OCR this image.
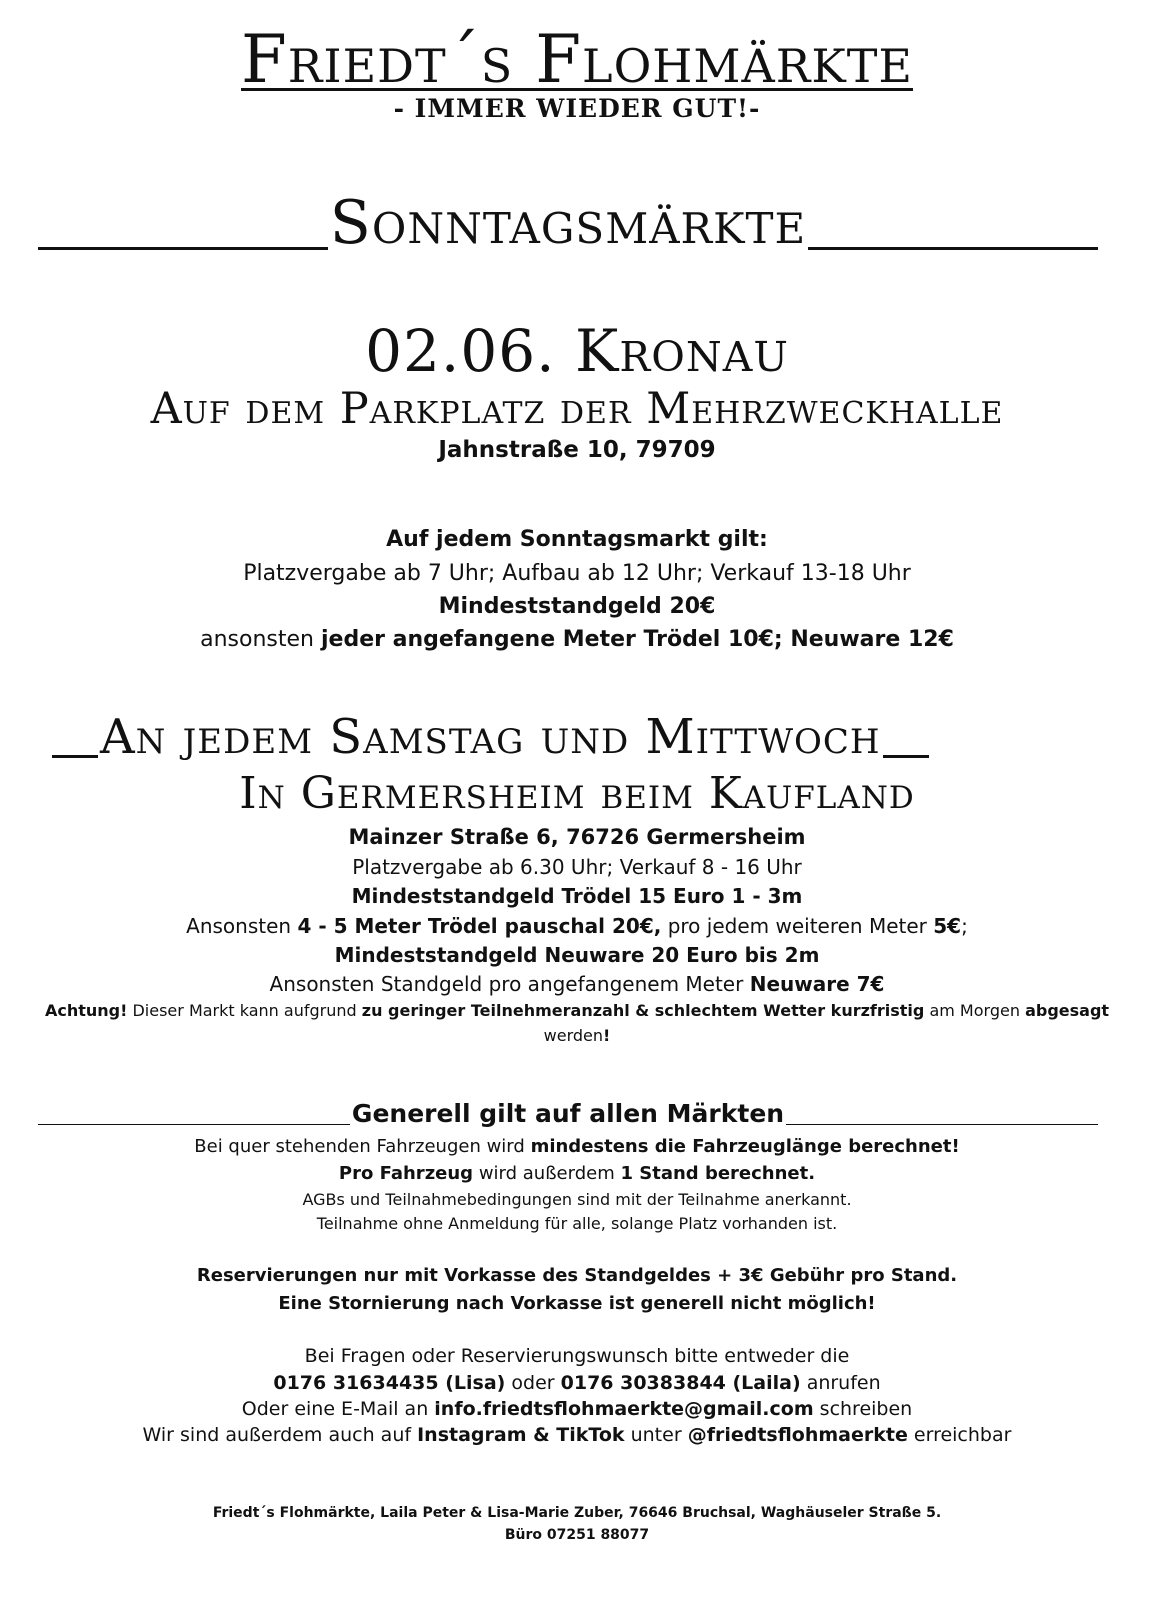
Friedt´s Flohmärkte
- IMMER WIEDER GUT!-
Sonntagsmärkte
02.06. Kronau
Auf dem Parkplatz der Mehrzweckhalle
Jahnstraße 10, 79709
Auf jedem Sonntagsmarkt gilt:
Platzvergabe ab 7 Uhr; Aufbau ab 12 Uhr; Verkauf 13-18 Uhr
Mindeststandgeld 20€
ansonsten jeder angefangene Meter Trödel 10€; Neuware 12€
An jedem Samstag und Mittwoch
In Germersheim beim Kaufland
Mainzer Straße 6, 76726 Germersheim
Platzvergabe ab 6.30 Uhr; Verkauf 8 - 16 Uhr
Mindeststandgeld Trödel 15 Euro 1 - 3m
Ansonsten 4 - 5 Meter Trödel pauschal 20€, pro jedem weiteren Meter 5€;
Mindeststandgeld Neuware 20 Euro bis 2m
Ansonsten Standgeld pro angefangenem Meter Neuware 7€
Achtung! Dieser Markt kann aufgrund zu geringer Teilnehmeranzahl & schlechtem Wetter kurzfristig am Morgen abgesagt werden!
Generell gilt auf allen Märkten
Bei quer stehenden Fahrzeugen wird mindestens die Fahrzeuglänge berechnet!
Pro Fahrzeug wird außerdem 1 Stand berechnet.
AGBs und Teilnahmebedingungen sind mit der Teilnahme anerkannt.
Teilnahme ohne Anmeldung für alle, solange Platz vorhanden ist.
Reservierungen nur mit Vorkasse des Standgeldes + 3€ Gebühr pro Stand.
Eine Stornierung nach Vorkasse ist generell nicht möglich!
Bei Fragen oder Reservierungswunsch bitte entweder die
0176 31634435 (Lisa) oder 0176 30383844 (Laila) anrufen
Oder eine E-Mail an info.friedtsflohmaerkte@gmail.com schreiben
Wir sind außerdem auch auf Instagram & TikTok unter @friedtsflohmaerkte erreichbar
Friedt´s Flohmärkte, Laila Peter & Lisa-Marie Zuber, 76646 Bruchsal, Waghäuseler Straße 5.
Büro 07251 88077
